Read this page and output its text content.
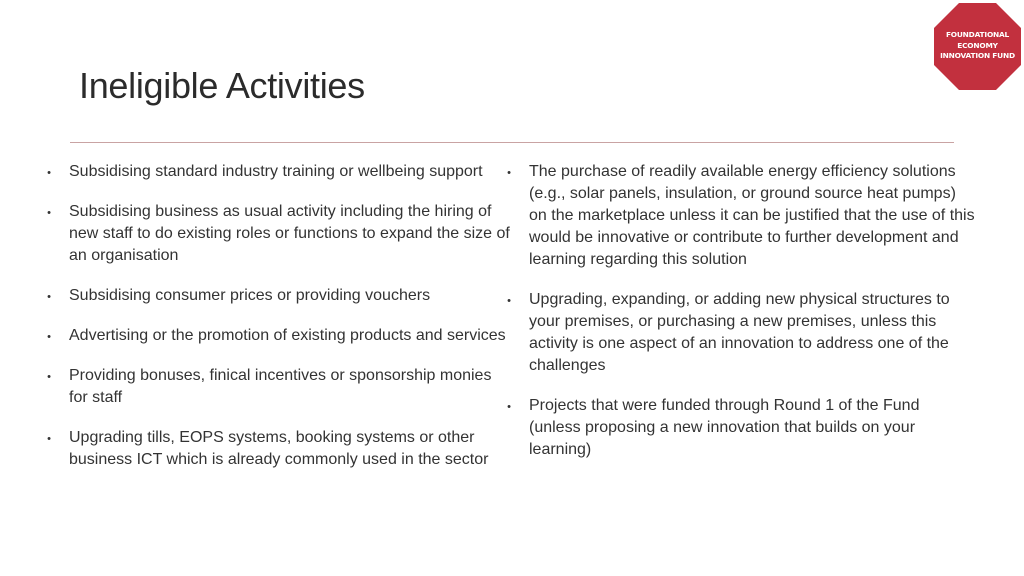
Ineligible Activities
FOUNDATIONAL
ECONOMY
INNOVATION FUND
• Subsidising standard industry training or wellbeing support
• Subsidising business as usual activity including the hiring of new staff to do existing roles or functions to expand the size of an organisation
• Subsidising consumer prices or providing vouchers
• Advertising or the promotion of existing products and services
• Providing bonuses, finical incentives or sponsorship monies for staff
• Upgrading tills, EOPS systems, booking systems or other business ICT which is already commonly used in the sector
• The purchase of readily available energy efficiency solutions (e.g., solar panels, insulation, or ground source heat pumps) on the marketplace unless it can be justified that the use of this would be innovative or contribute to further development and learning regarding this solution
• Upgrading, expanding, or adding new physical structures to your premises, or purchasing a new premises, unless this activity is one aspect of an innovation to address one of the challenges
• Projects that were funded through Round 1 of the Fund (unless proposing a new innovation that builds on your learning)
